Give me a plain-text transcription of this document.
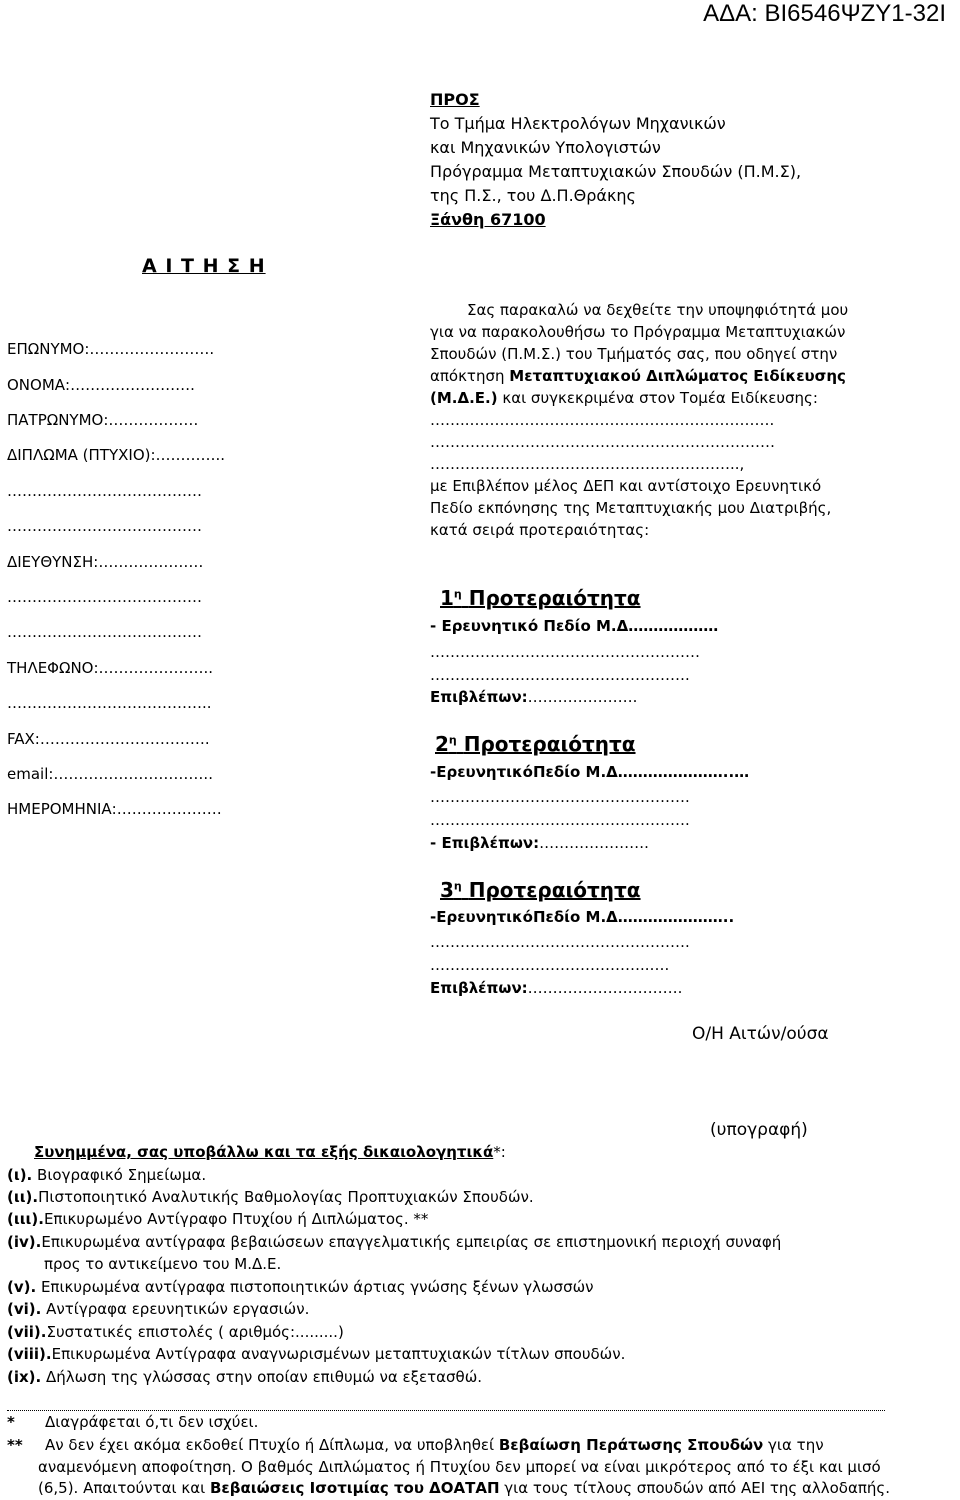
ΑΔΑ: ΒΙ6546ΨΖΥ1-32Ι
ΠΡΟΣ
Το Τμήμα Ηλεκτρολόγων Μηχανικών
και Μηχανικών Υπολογιστών
Πρόγραμμα Μεταπτυχιακών Σπουδών (Π.Μ.Σ),
της Π.Σ., του Δ.Π.Θράκης
Ξάνθη 67100
Α Ι Τ Η Σ Η
ΕΠΩΝΥΜΟ:…………………….
ΟΝΟΜΑ:…………………….
ΠΑΤΡΩΝΥΜΟ:………………
ΔΙΠΛΩΜΑ (ΠΤΥΧΙΟ):…………..
…………………………………
…………………………………
ΔΙΕΥΘΥΝΣΗ:…………………
…………………………………
…………………………………
ΤΗΛΕΦΩΝΟ:…………………..
…………………………………..
FAX:…………………………….
email:…………………………..
ΗΜΕΡΟΜΗΝΙΑ:…………………
Σας παρακαλώ να δεχθείτε την υποψηφιότητά μου
για να παρακολουθήσω το Πρόγραμμα Μεταπτυχιακών
Σπουδών (Π.Μ.Σ.) του Τμήματός σας, που οδηγεί στην
απόκτηση Μεταπτυχιακού Διπλώματος Ειδίκευσης
(Μ.Δ.Ε.) και συγκεκριμένα στον Τομέα Ειδίκευσης:
……..…………………………………………………….
……………………………………………………………
……………………………………………………..,
με Επιβλέπον μέλος ΔΕΠ και αντίστοιχο Ερευνητικό
Πεδίο εκπόνησης της Μεταπτυχιακής μου Διατριβής,
κατά σειρά προτεραιότητας:
$1^\eta$ Προτεραιότητα
- Ερευνητικό Πεδίο Μ.Δ………………
………………………………………………
…………………………………………….
Επιβλέπων:………………….
$2^\eta$ Προτεραιότητα
-ΕρευνητικόΠεδίο Μ.Δ…………………..…
…………………………………………….
…………………………………………….
- Επιβλέπων:………………….
$3^\eta$ Προτεραιότητα
-ΕρευνητικόΠεδίο Μ.Δ…………………..
…………………………………………….
……………………………………..….
Επιβλέπων:………………………….
Ο/Η Αιτών/ούσα
(υπογραφή)
Συνημμένα, σας υποβάλλω και τα εξής δικαιολογητικά*:
(ι). Βιογραφικό Σημείωμα.
(ιι).Πιστοποιητικό Αναλυτικής Βαθμολογίας Προπτυχιακών Σπουδών.
(ιιι).Επικυρωμένο Αντίγραφο Πτυχίου ή Διπλώματος. **
(iv).Επικυρωμένα αντίγραφα βεβαιώσεων επαγγελματικής εμπειρίας σε επιστημονική περιοχή συναφή
προς το αντικείμενο του Μ.Δ.Ε.
(v). Επικυρωμένα αντίγραφα πιστοποιητικών άρτιας γνώσης ξένων γλωσσών
(vi). Αντίγραφα ερευνητικών εργασιών.
(vii).Συστατικές επιστολές ( αριθμός:.........)
(viii).Επικυρωμένα Αντίγραφα αναγνωρισμένων μεταπτυχιακών τίτλων σπουδών.
(ix). Δήλωση της γλώσσας στην οποίαν επιθυμώ να εξετασθώ.
* Διαγράφεται ό,τι δεν ισχύει.
** Αν δεν έχει ακόμα εκδοθεί Πτυχίο ή Δίπλωμα, να υποβληθεί Βεβαίωση Περάτωσης Σπουδών για την
αναμενόμενη αποφοίτηση. Ο βαθμός Διπλώματος ή Πτυχίου δεν μπορεί να είναι μικρότερος από το έξι και μισό
(6,5). Απαιτούνται και Βεβαιώσεις Ισοτιμίας του ΔΟΑΤΑΠ για τους τίτλους σπουδών από ΑΕΙ της αλλοδαπής.
